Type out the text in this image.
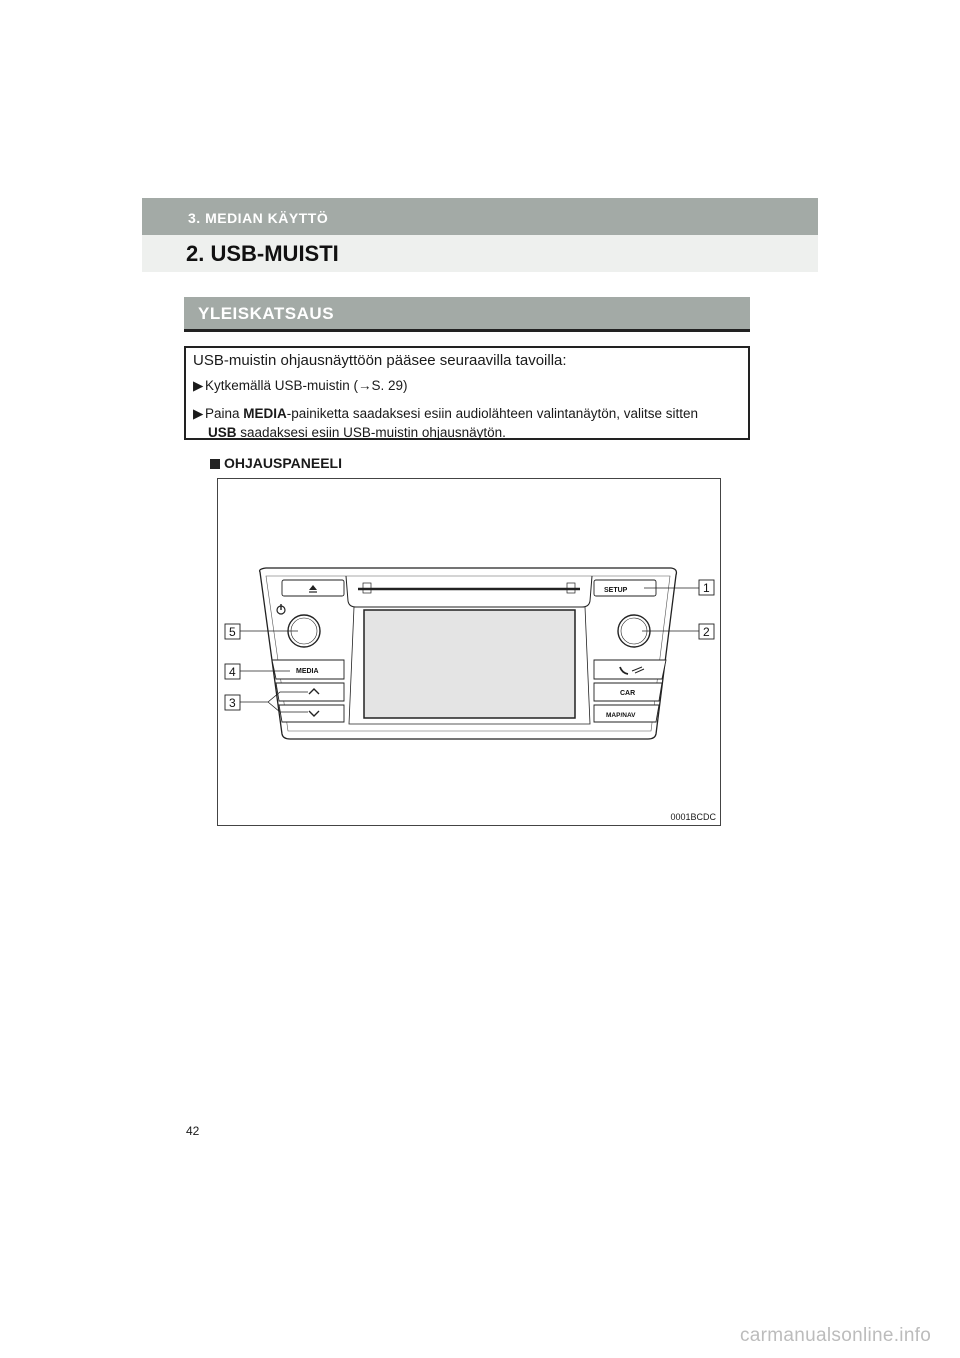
3. MEDIAN KÄYTTÖ
2. USB-MUISTI
YLEISKATSAUS
USB-muistin ohjausnäyttöön pääsee seuraavilla tavoilla:
▶ Kytkemällä USB-muistin (→S. 29)
▶ Paina MEDIA-painiketta saadaksesi esiin audiolähteen valintanäytön, valitse sitten
USB saadaksesi esiin USB-muistin ohjausnäytön.
OHJAUSPANEELI
SETUP
MEDIA
CAR
MAP/NAV
1
2
3
4
5
0001BCDC
42
carmanualsonline.info
